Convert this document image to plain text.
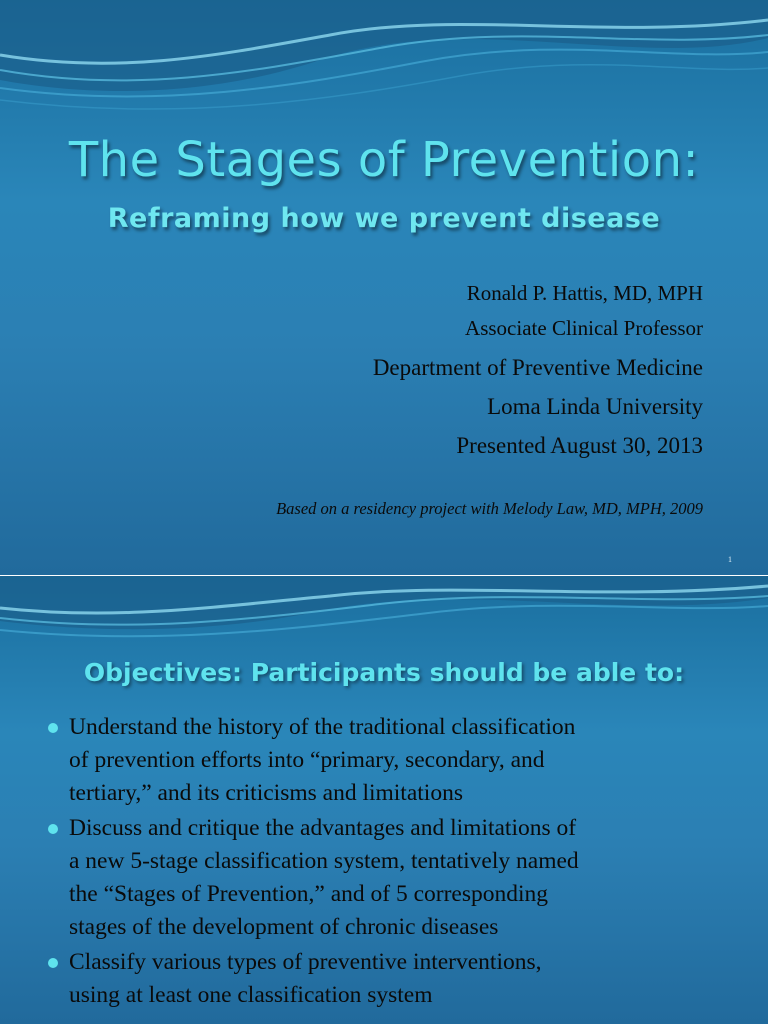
The Stages of Prevention:
Reframing how we prevent disease
Ronald P. Hattis, MD, MPH
Associate Clinical Professor
Department of Preventive Medicine
Loma Linda University
Presented August 30, 2013
Based on a residency project with Melody Law, MD, MPH, 2009
1
Objectives: Participants should be able to:
Understand the history of the traditional classification
of prevention efforts into “primary, secondary, and
tertiary,” and its criticisms and limitations
Discuss and critique the advantages and limitations of
a new 5-stage classification system, tentatively named
the “Stages of Prevention,” and of 5 corresponding
stages of the development of chronic diseases
Classify various types of preventive interventions,
using at least one classification system
